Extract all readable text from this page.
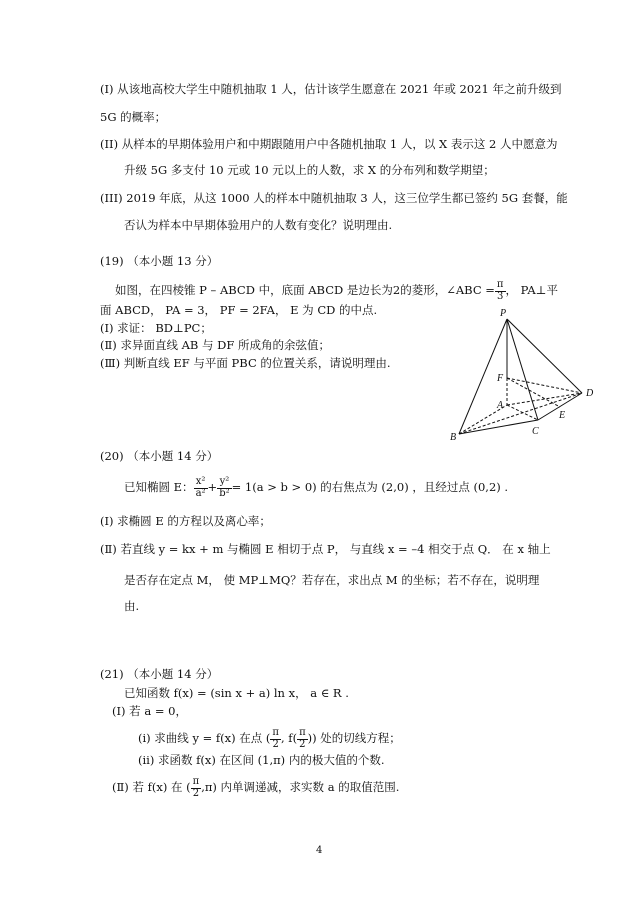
(I) 从该地高校大学生中随机抽取 1 人，估计该学生愿意在 2021 年或 2021 年之前升级到
5G 的概率；
(II) 从样本的早期体验用户和中期跟随用户中各随机抽取 1 人，以 X 表示这 2 人中愿意为
升级 5G 多支付 10 元或 10 元以上的人数，求 X 的分布列和数学期望；
(III) 2019 年底，从这 1000 人的样本中随机抽取 3 人，这三位学生都已签约 5G 套餐，能
否认为样本中早期体验用户的人数有变化？说明理由.
(19) （本小题 13 分）
如图，在四棱锥 P – ABCD 中，底面 ABCD 是边长为2的菱形，∠ABC = $\frac{\pi}{3}$ ， PA⊥平
面 ABCD， PA = 3， PF = 2FA， E 为 CD 的中点.
(Ⅰ) 求证： BD⊥PC；
(Ⅱ) 求异面直线 AB 与 DF 所成角的余弦值；
(Ⅲ) 判断直线 EF 与平面 PBC 的位置关系，请说明理由.
P
F
A
D
E
B
C
(20) （本小题 14 分）
已知椭圆 E： $\frac{\text{x²}}{\text{a²}} + \frac{\text{y²}}{\text{b²}} = 1(a > b > 0)$ 的右焦点为 (2,0) ，且经过点 (0,2) .
(Ⅰ) 求椭圆 E 的方程以及离心率；
(Ⅱ) 若直线 y = kx + m 与椭圆 E 相切于点 P， 与直线 x = –4 相交于点 Q． 在 x 轴上
是否存在定点 M， 使 MP⊥MQ？若存在，求出点 M 的坐标；若不存在，说明理
由.
(21) （本小题 14 分）
已知函数 f(x) = (sin x + a) ln x， a ∈ R .
(Ⅰ) 若 a = 0，
(ⅰ) 求曲线 y = f(x) 在点 ( $\frac{\pi}{2}$ , $f( \frac{\pi}{2}$ )) 处的切线方程；
(ⅱ) 求函数 f(x) 在区间 (1,π) 内的极大值的个数.
(Ⅱ) 若 f(x) 在 ( $\frac{\pi}{2} ,\pi$) 内单调递减，求实数 a 的取值范围.
4
